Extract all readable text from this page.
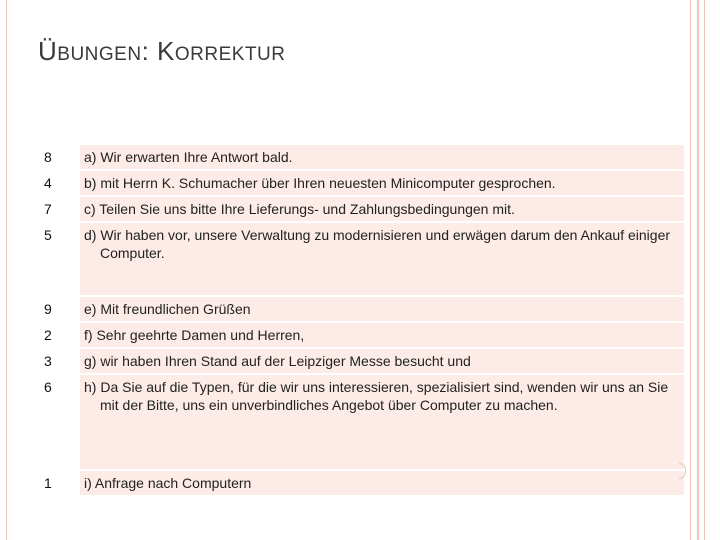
ÜBUNGEN: KORREKTUR
8	a) Wir erwarten Ihre Antwort bald.
4	b) mit Herrn K. Schumacher über Ihren neuesten Minicomputer gesprochen.
7	c) Teilen Sie uns bitte Ihre Lieferungs- und Zahlungsbedingungen mit.
5	d) Wir haben vor, unsere Verwaltung zu modernisieren und erwägen darum den Ankauf einiger Computer.
9	e) Mit freundlichen Grüßen
2	f) Sehr geehrte Damen und Herren,
3	g) wir haben Ihren Stand auf der Leipziger Messe besucht und
6	h) Da Sie auf die Typen, für die wir uns interessieren, spezialisiert sind, wenden wir uns an Sie mit der Bitte, uns ein unverbindliches Angebot über Computer zu machen.
1	i) Anfrage nach Computern
